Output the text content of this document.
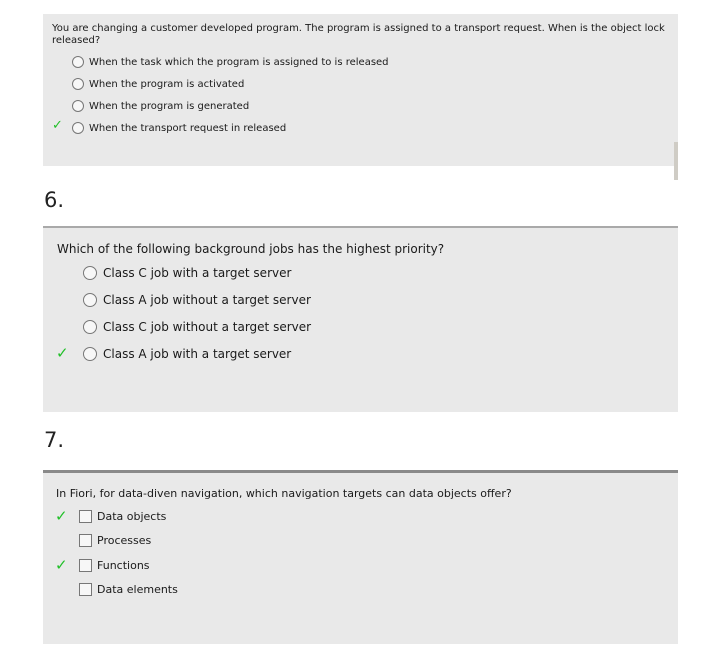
You are changing a customer developed program. The program is assigned to a transport request. When is the object lock released?
When the task which the program is assigned to is released
When the program is activated
When the program is generated
✓	When the transport request in released
6.
Which of the following background jobs has the highest priority?
Class C job with a target server
Class A job without a target server
Class C job without a target server
✓	Class A job with a target server
7.
In Fiori, for data-diven navigation, which navigation targets can data objects offer?
✓	Data objects
Processes
✓	Functions
Data elements
